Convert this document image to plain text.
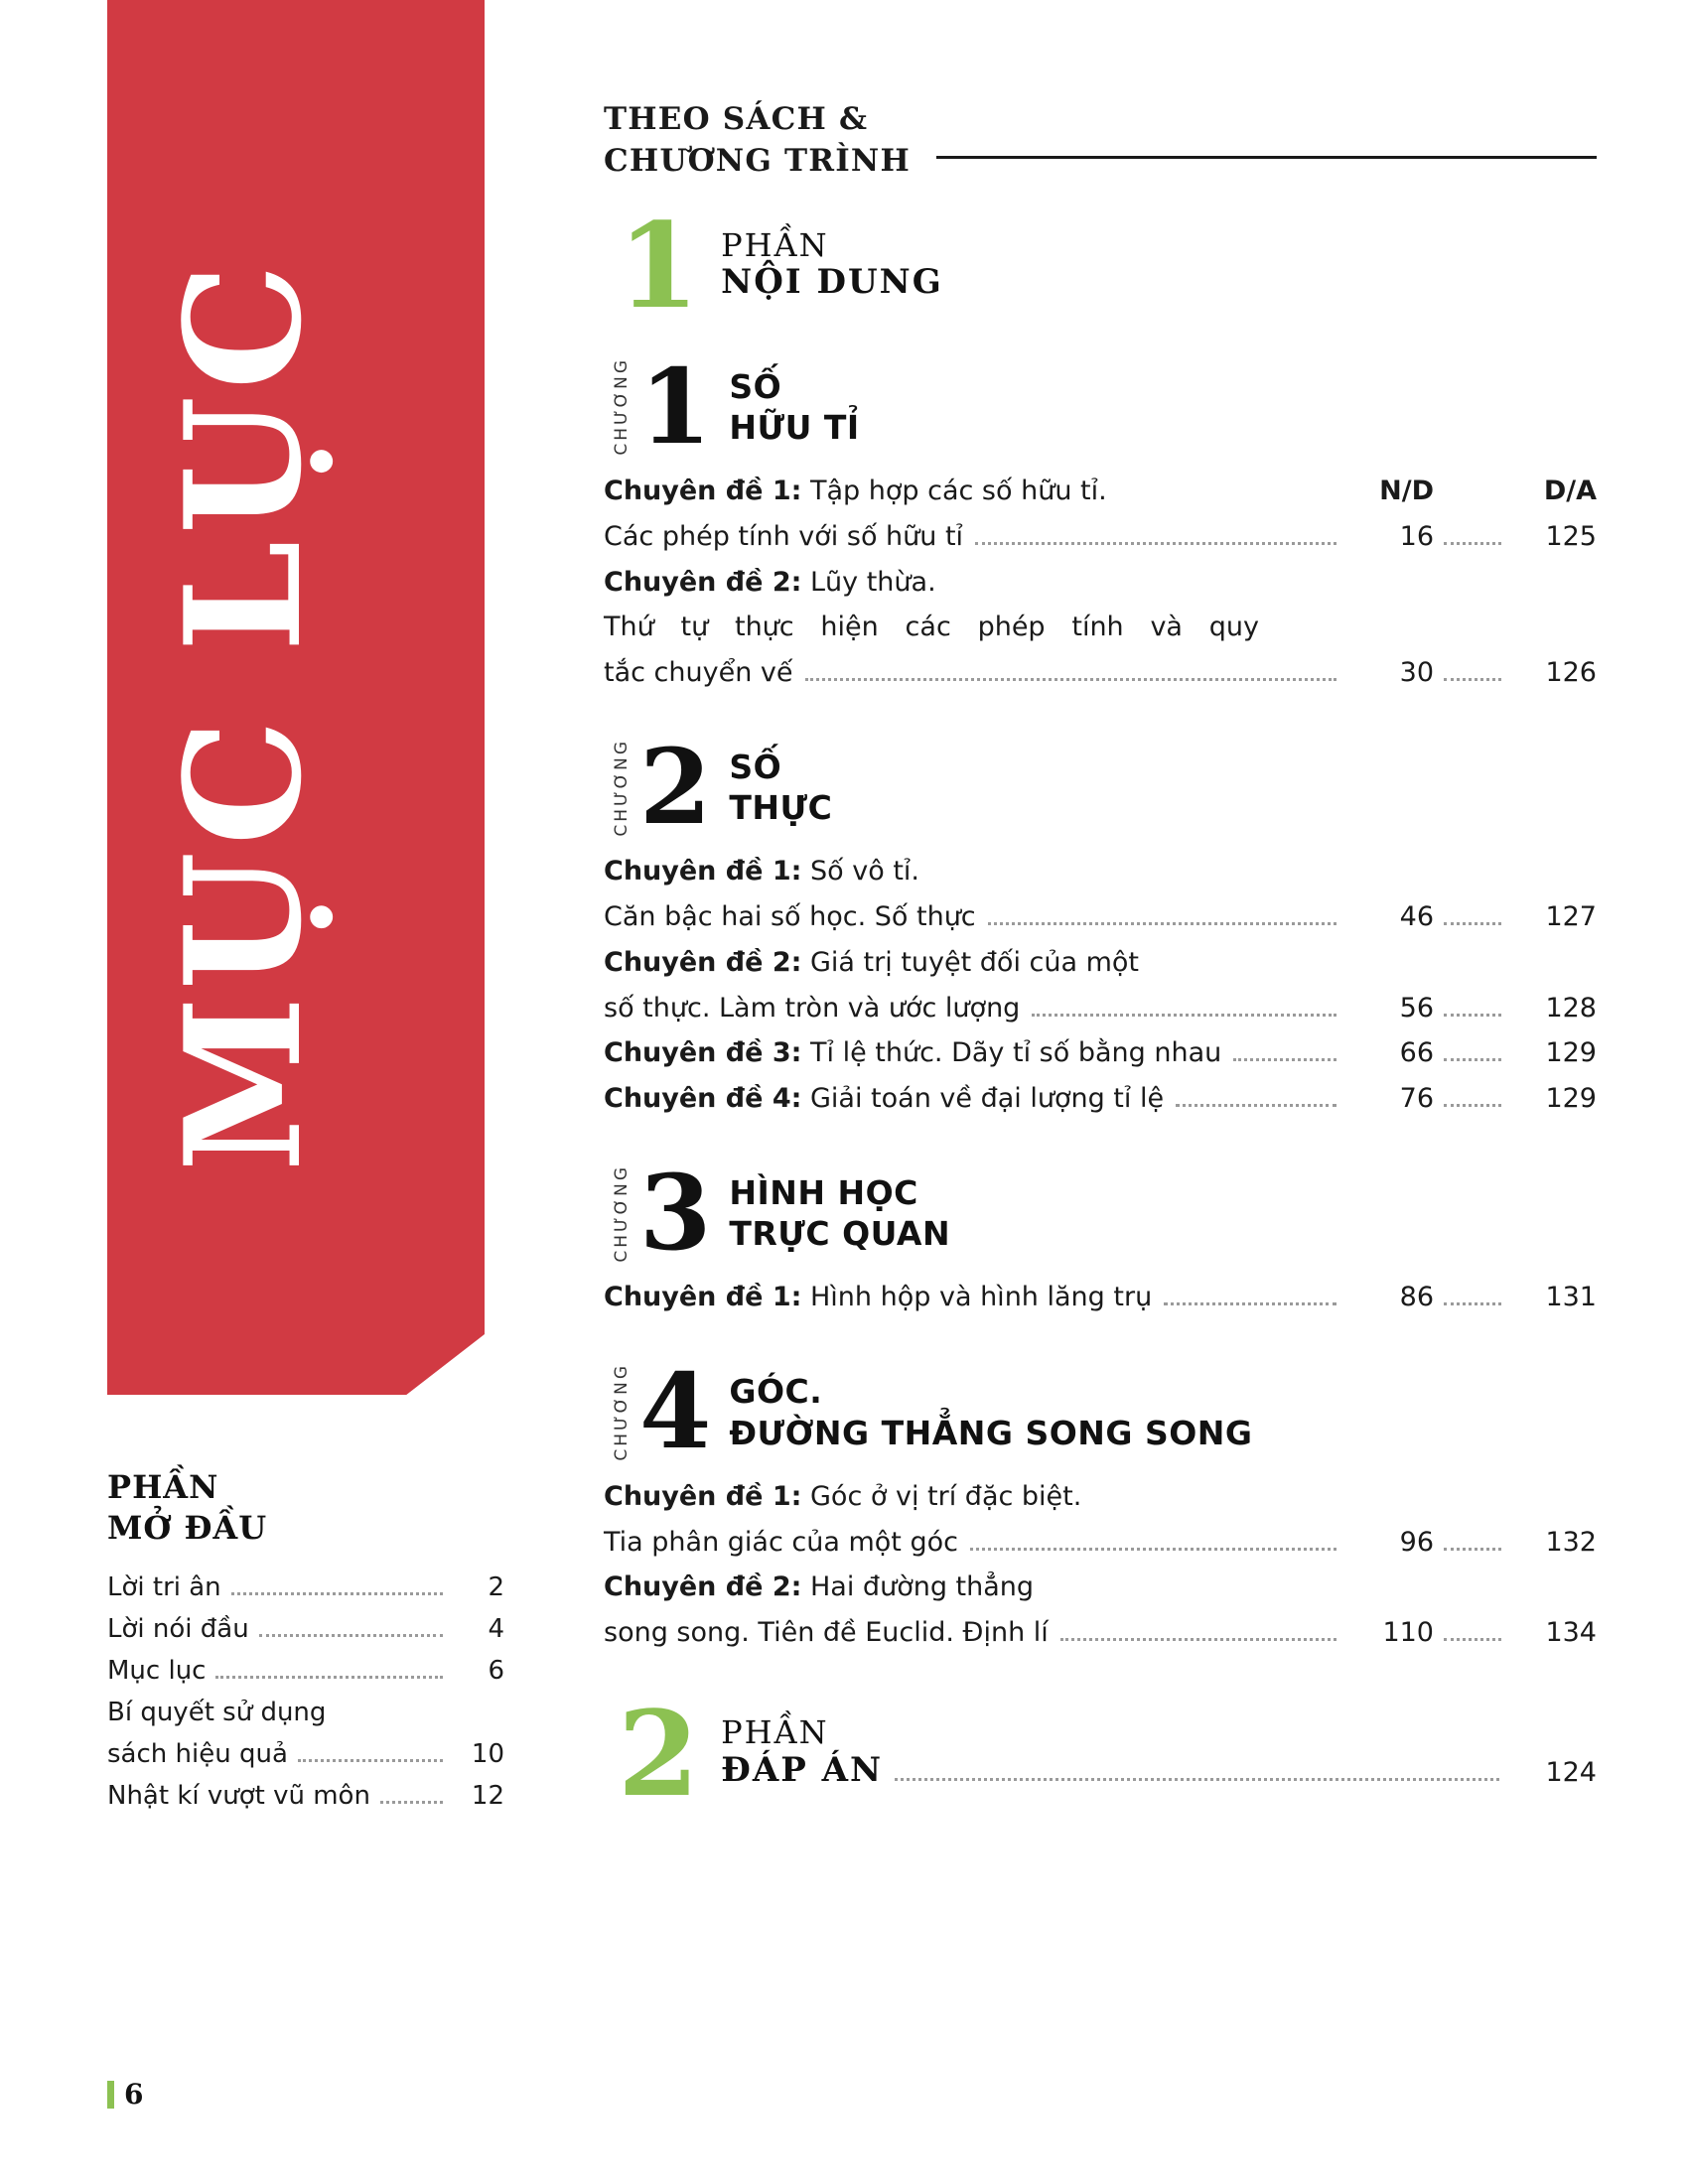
MỤC LỤC
PHẦN
MỞ ĐẦU
Lời tri ân	2
Lời nói đầu	4
Mục lục	6
Bí quyết sử dụng
sách hiệu quả	10
Nhật kí vượt vũ môn	12
THEO SÁCH &
CHƯƠNG TRÌNH
1 PHẦN
NỘI DUNG
CHƯƠNG 1 SỐ
HỮU TỈ
Chuyên đề 1: Tập hợp các số hữu tỉ.	N/D	D/A
Các phép tính với số hữu tỉ	16	125
Chuyên đề 2: Lũy thừa.
Thứ tự thực hiện các phép tính và quy
tắc chuyển vế	30	126
CHƯƠNG 2 SỐ
THỰC
Chuyên đề 1: Số vô tỉ.
Căn bậc hai số học. Số thực	46	127
Chuyên đề 2: Giá trị tuyệt đối của một
số thực. Làm tròn và ước lượng	56	128
Chuyên đề 3: Tỉ lệ thức. Dãy tỉ số bằng nhau	66	129
Chuyên đề 4: Giải toán về đại lượng tỉ lệ	76	129
CHƯƠNG 3 HÌNH HỌC
TRỰC QUAN
Chuyên đề 1: Hình hộp và hình lăng trụ	86	131
CHƯƠNG 4 GÓC.
ĐƯỜNG THẲNG SONG SONG
Chuyên đề 1: Góc ở vị trí đặc biệt.
Tia phân giác của một góc	96	132
Chuyên đề 2: Hai đường thẳng
song song. Tiên đề Euclid. Định lí	110	134
2 PHẦN
ĐÁP ÁN	124
6
